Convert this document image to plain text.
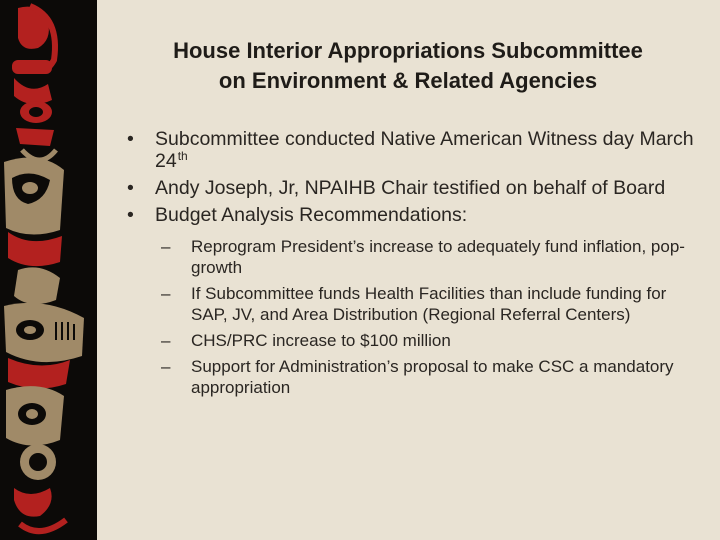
House Interior Appropriations Subcommittee
on Environment & Related Agencies
• Subcommittee conducted Native American Witness day March 24th
• Andy Joseph, Jr, NPAIHB Chair testified on behalf of Board
• Budget Analysis Recommendations:
– Reprogram President’s increase to adequately fund inflation, pop-growth
– If Subcommittee funds Health Facilities than include funding for SAP, JV, and Area Distribution (Regional Referral Centers)
– CHS/PRC increase to $100 million
– Support for Administration’s proposal to make CSC a mandatory appropriation
